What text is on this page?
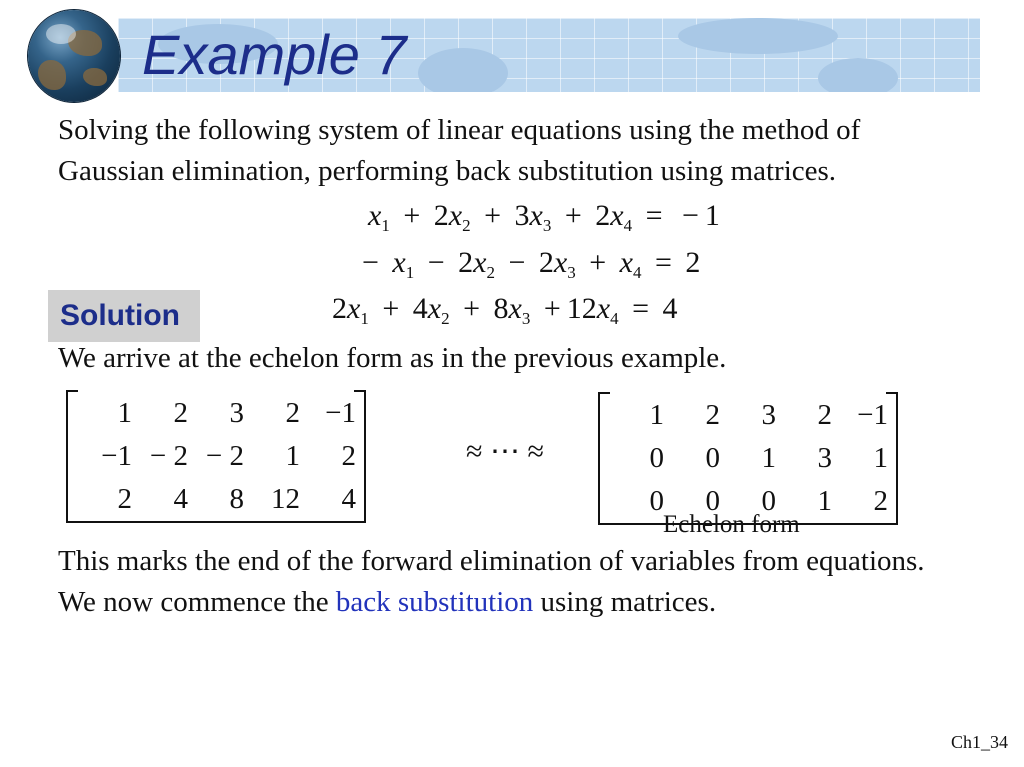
Example 7

Solving the following system of linear equations using the method of Gaussian elimination, performing back substitution using matrices.

$x_1 + 2x_2 + 3x_3 + 2x_4$ = − 1
− $x_1 - 2x_2 - 2x_3 + x_4 = 2$
$2x_1 + 4x_2 + 8x_3 + 12x_4 = 4$
Solution

We arrive at the echelon form as in the previous example.

1	2	3	2	−1
−1	− 2	− 2	1	2
2	4	8	12	4
≈ ⋯ ≈
1	2	3	2	−1
0	0	1	3	1
0	0	0	1	2
Echelon form

This marks the end of the forward elimination of variables from equations. We now commence the back substitution using matrices.

Ch1_34
